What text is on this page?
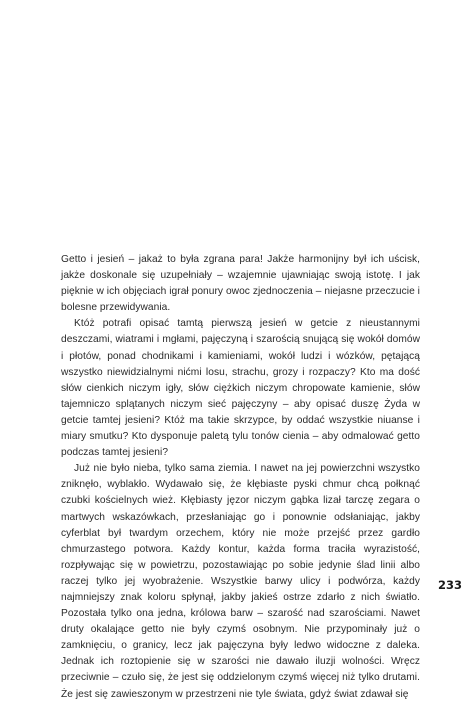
Getto i jesień – jakaż to była zgrana para! Jakże harmonijny był ich uścisk, jakże doskonale się uzupełniały – wzajemnie ujawniając swoją istotę. I jak pięknie w ich objęciach igrał ponury owoc zjednoczenia – niejasne przeczucie i bolesne przewidywania.

Któż potrafi opisać tamtą pierwszą jesień w getcie z nieustannymi deszczami, wiatrami i mgłami, pajęczyną i szarością snującą się wokół domów i płotów, ponad chodnikami i kamieniami, wokół ludzi i wózków, pętającą wszystko niewidzialnymi nićmi losu, strachu, grozy i rozpaczy? Kto ma dość słów cienkich niczym igły, słów ciężkich niczym chropowate kamienie, słów tajemniczo splątanych niczym sieć pajęczyny – aby opisać duszę Żyda w getcie tamtej jesieni? Któż ma takie skrzypce, by oddać wszystkie niuanse i miary smutku? Kto dysponuje paletą tylu tonów cienia – aby odmalować getto podczas tamtej jesieni?

Już nie było nieba, tylko sama ziemia. I nawet na jej powierzchni wszystko zniknęło, wyblakło. Wydawało się, że kłębiaste pyski chmur chcą połknąć czubki kościelnych wież. Kłębiasty jęzor niczym gąbka lizał tarczę zegara o martwych wskazówkach, przesłaniając go i ponownie odsłaniając, jakby cyferblat był twardym orzechem, który nie może przejść przez gardło chmurzastego potwora. Każdy kontur, każda forma traciła wyrazistość, rozpływając się w powietrzu, pozostawiając po sobie jedynie ślad linii albo raczej tylko jej wyobrażenie. Wszystkie barwy ulicy i podwórza, każdy najmniejszy znak koloru spłynął, jakby jakieś ostrze zdarło z nich światło. Pozostała tylko ona jedna, królowa barw – szarość nad szarościami. Nawet druty okalające getto nie były czymś osobnym. Nie przypominały już o zamknięciu, o granicy, lecz jak pajęczyna były ledwo widoczne z daleka. Jednak ich roztopienie się w szarości nie dawało iluzji wolności. Wręcz przeciwnie – czuło się, że jest się oddzielonym czymś więcej niż tylko drutami. Że jest się zawieszonym w przestrzeni nie tyle świata, gdyż świat zdawał się

233
